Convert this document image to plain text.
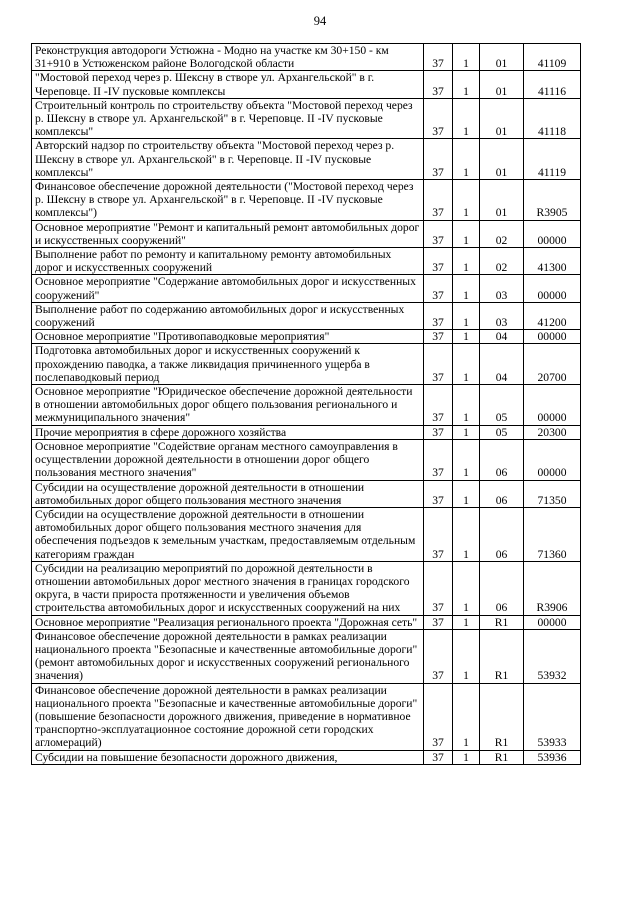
94
Реконструкция автодороги Устюжна - Модно на участке км 30+150 - км 31+910 в Устюженском районе Вологодской области	37	1	01	41109
"Мостовой переход через р. Шексну в створе ул. Архангельской" в г. Череповце. II -IV пусковые комплексы	37	1	01	41116
Строительный контроль по строительству объекта "Мостовой переход через р. Шексну в створе ул. Архангельской" в г. Череповце. II -IV пусковые комплексы"	37	1	01	41118
Авторский надзор по строительству объекта "Мостовой переход через р. Шексну в створе ул. Архангельской" в г. Череповце. II -IV пусковые комплексы"	37	1	01	41119
Финансовое обеспечение дорожной деятельности ("Мостовой переход через р. Шексну в створе ул. Архангельской" в г. Череповце. II -IV пусковые комплексы")	37	1	01	R3905
Основное мероприятие "Ремонт и капитальный ремонт автомобильных дорог и искусственных сооружений"	37	1	02	00000
Выполнение работ по ремонту и капитальному ремонту автомобильных дорог и искусственных сооружений	37	1	02	41300
Основное мероприятие "Содержание автомобильных дорог и искусственных сооружений"	37	1	03	00000
Выполнение работ по содержанию автомобильных дорог и искусственных сооружений	37	1	03	41200
Основное мероприятие "Противопаводковые мероприятия"	37	1	04	00000
Подготовка автомобильных дорог и искусственных сооружений к прохождению паводка, а также ликвидация причиненного ущерба в послепаводковый период	37	1	04	20700
Основное мероприятие "Юридическое обеспечение дорожной деятельности в отношении автомобильных дорог общего пользования регионального и межмуниципального значения"	37	1	05	00000
Прочие мероприятия в сфере дорожного хозяйства	37	1	05	20300
Основное мероприятие "Содействие органам местного самоуправления в осуществлении дорожной деятельности в отношении дорог общего пользования местного значения"	37	1	06	00000
Субсидии на осуществление дорожной деятельности в отношении автомобильных дорог общего пользования местного значения	37	1	06	71350
Субсидии на осуществление дорожной деятельности в отношении автомобильных дорог общего пользования местного значения для обеспечения подъездов к земельным участкам, предоставляемым отдельным категориям граждан	37	1	06	71360
Субсидии на реализацию мероприятий по дорожной деятельности в отношении автомобильных дорог местного значения в границах городского округа, в части прироста протяженности и увеличения объемов строительства автомобильных дорог и искусственных сооружений на них	37	1	06	R3906
Основное мероприятие "Реализация регионального проекта "Дорожная сеть"	37	1	R1	00000
Финансовое обеспечение дорожной деятельности в рамках реализации национального проекта "Безопасные и качественные автомобильные дороги" (ремонт автомобильных дорог и искусственных сооружений регионального значения)	37	1	R1	53932
Финансовое обеспечение дорожной деятельности в рамках реализации национального проекта "Безопасные и качественные автомобильные дороги" (повышение безопасности дорожного движения, приведение в нормативное транспортно-эксплуатационное состояние дорожной сети городских агломераций)	37	1	R1	53933
Субсидии на повышение безопасности дорожного движения,	37	1	R1	53936
